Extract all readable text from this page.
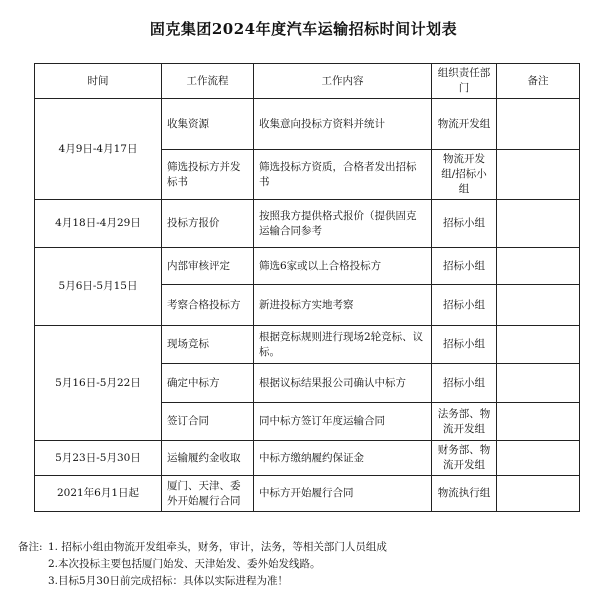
固克集团2024年度汽车运输招标时间计划表
时间	工作流程	工作内容	组织责任部门	备注
4月9日-4月17日	收集资源	收集意向投标方资料并统计	物流开发组	
	筛选投标方并发标书	筛选投标方资质，合格者发出招标书	物流开发组/招标小组	
4月18日-4月29日	投标方报价	按照我方提供格式报价（提供固克运输合同参考	招标小组	
5月6日-5月15日	内部审核评定	筛选6家或以上合格投标方	招标小组	
	考察合格投标方	新进投标方实地考察	招标小组	
5月16日-5月22日	现场竞标	根据竞标规则进行现场2轮竞标、议标。	招标小组	
	确定中标方	根据议标结果报公司确认中标方	招标小组	
	签订合同	同中标方签订年度运输合同	法务部、物流开发组	
5月23日-5月30日	运输履约金收取	中标方缴纳履约保证金	财务部、物流开发组	
2021年6月1日起	厦门、天津、委外开始履行合同	中标方开始履行合同	物流执行组	
备注: 1. 招标小组由物流开发组牵头，财务，审计，法务，等相关部门人员组成
2.本次投标主要包括厦门始发、天津始发、委外始发线路。
3.目标5月30日前完成招标：具体以实际进程为准！
